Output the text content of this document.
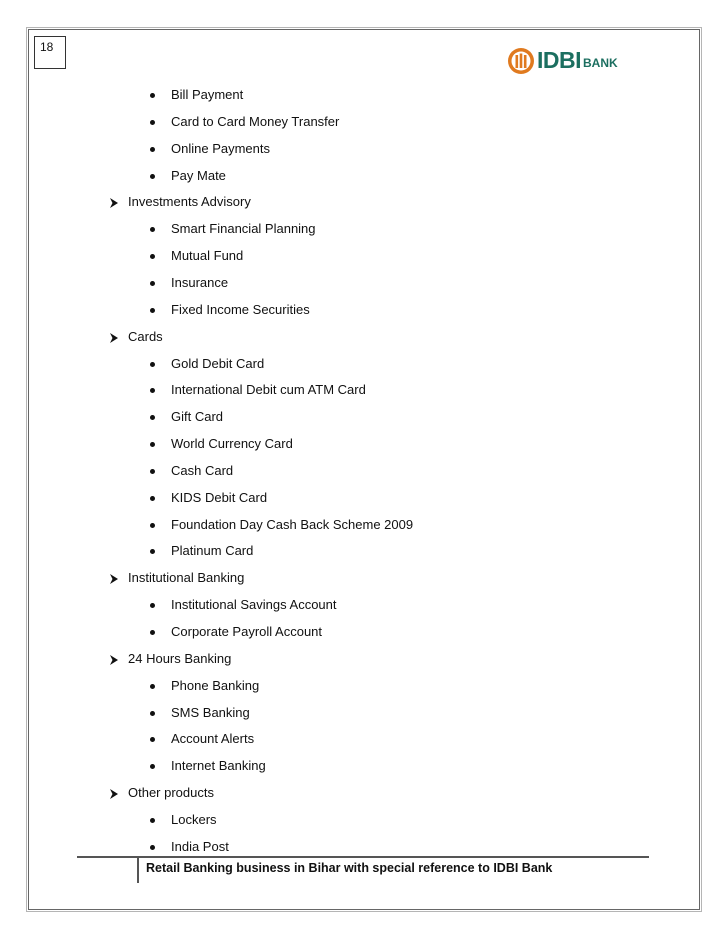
18	IDBI BANK
Bill Payment
Card to Card Money Transfer
Online Payments
Pay Mate
Investments Advisory
Smart Financial Planning
Mutual Fund
Insurance
Fixed Income Securities
Cards
Gold Debit Card
International Debit cum ATM Card
Gift Card
World Currency Card
Cash Card
KIDS Debit Card
Foundation Day Cash Back Scheme 2009
Platinum Card
Institutional Banking
Institutional Savings Account
Corporate Payroll Account
24 Hours Banking
Phone Banking
SMS Banking
Account Alerts
Internet Banking
Other products
Lockers
India Post
Retail Banking business in Bihar with special reference to IDBI Bank
